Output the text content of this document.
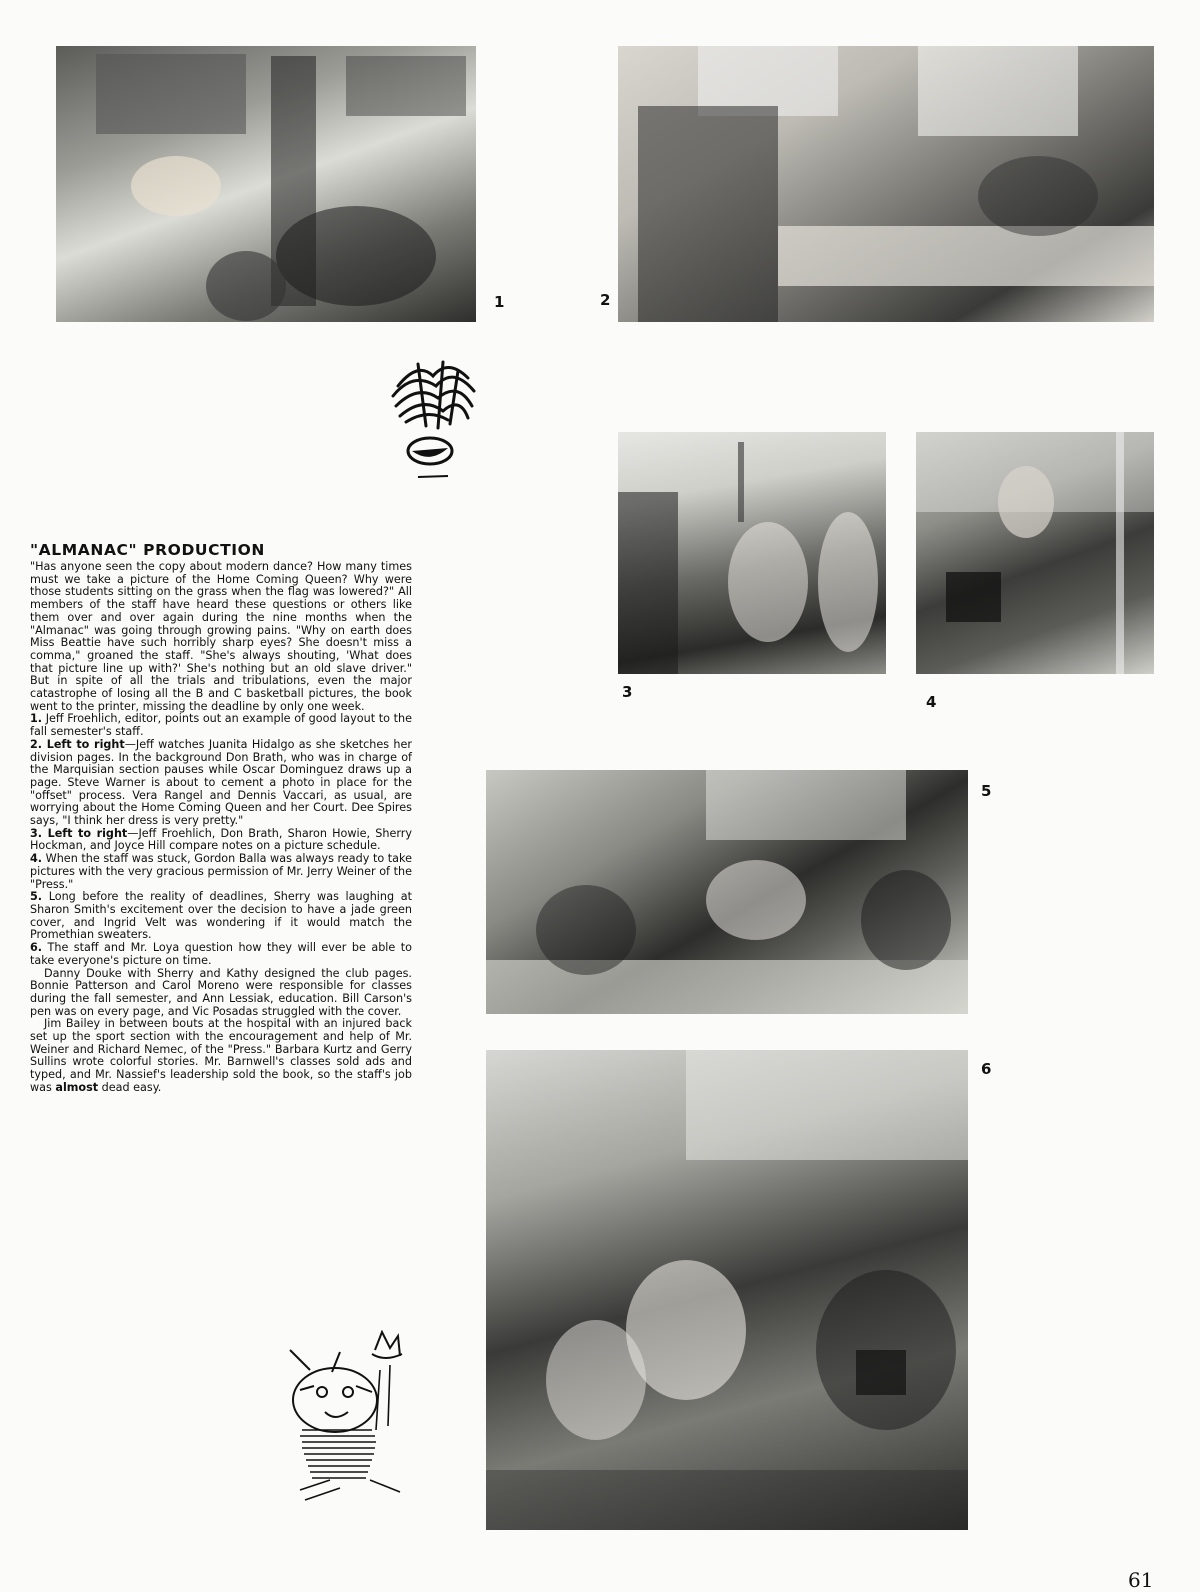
1	2
3
4
5
6
"ALMANAC" PRODUCTION

"Has anyone seen the copy about modern dance? How many times must we take a picture of the Home Coming Queen? Why were those students sitting on the grass when the flag was lowered?" All members of the staff have heard these questions or others like them over and over again during the nine months when the "Almanac" was going through growing pains. "Why on earth does Miss Beattie have such horribly sharp eyes? She doesn't miss a comma," groaned the staff. "She's always shouting, 'What does that picture line up with?' She's nothing but an old slave driver." But in spite of all the trials and tribulations, even the major catastrophe of losing all the B and C basketball pictures, the book went to the printer, missing the deadline by only one week.

1. Jeff Froehlich, editor, points out an example of good layout to the fall semester's staff.

2. Left to right—Jeff watches Juanita Hidalgo as she sketches her division pages. In the background Don Brath, who was in charge of the Marquisian section pauses while Oscar Dominguez draws up a page. Steve Warner is about to cement a photo in place for the "offset" process. Vera Rangel and Dennis Vaccari, as usual, are worrying about the Home Coming Queen and her Court. Dee Spires says, "I think her dress is very pretty."

3. Left to right—Jeff Froehlich, Don Brath, Sharon Howie, Sherry Hockman, and Joyce Hill compare notes on a picture schedule.

4. When the staff was stuck, Gordon Balla was always ready to take pictures with the very gracious permission of Mr. Jerry Weiner of the "Press."

5. Long before the reality of deadlines, Sherry was laughing at Sharon Smith's excitement over the decision to have a jade green cover, and Ingrid Velt was wondering if it would match the Promethian sweaters.

6. The staff and Mr. Loya question how they will ever be able to take everyone's picture on time.

Danny Douke with Sherry and Kathy designed the club pages. Bonnie Patterson and Carol Moreno were responsible for classes during the fall semester, and Ann Lessiak, education. Bill Carson's pen was on every page, and Vic Posadas struggled with the cover.

Jim Bailey in between bouts at the hospital with an injured back set up the sport section with the encouragement and help of Mr. Weiner and Richard Nemec, of the "Press." Barbara Kurtz and Gerry Sullins wrote colorful stories. Mr. Barnwell's classes sold ads and typed, and Mr. Nassief's leadership sold the book, so the staff's job was almost dead easy.

61
